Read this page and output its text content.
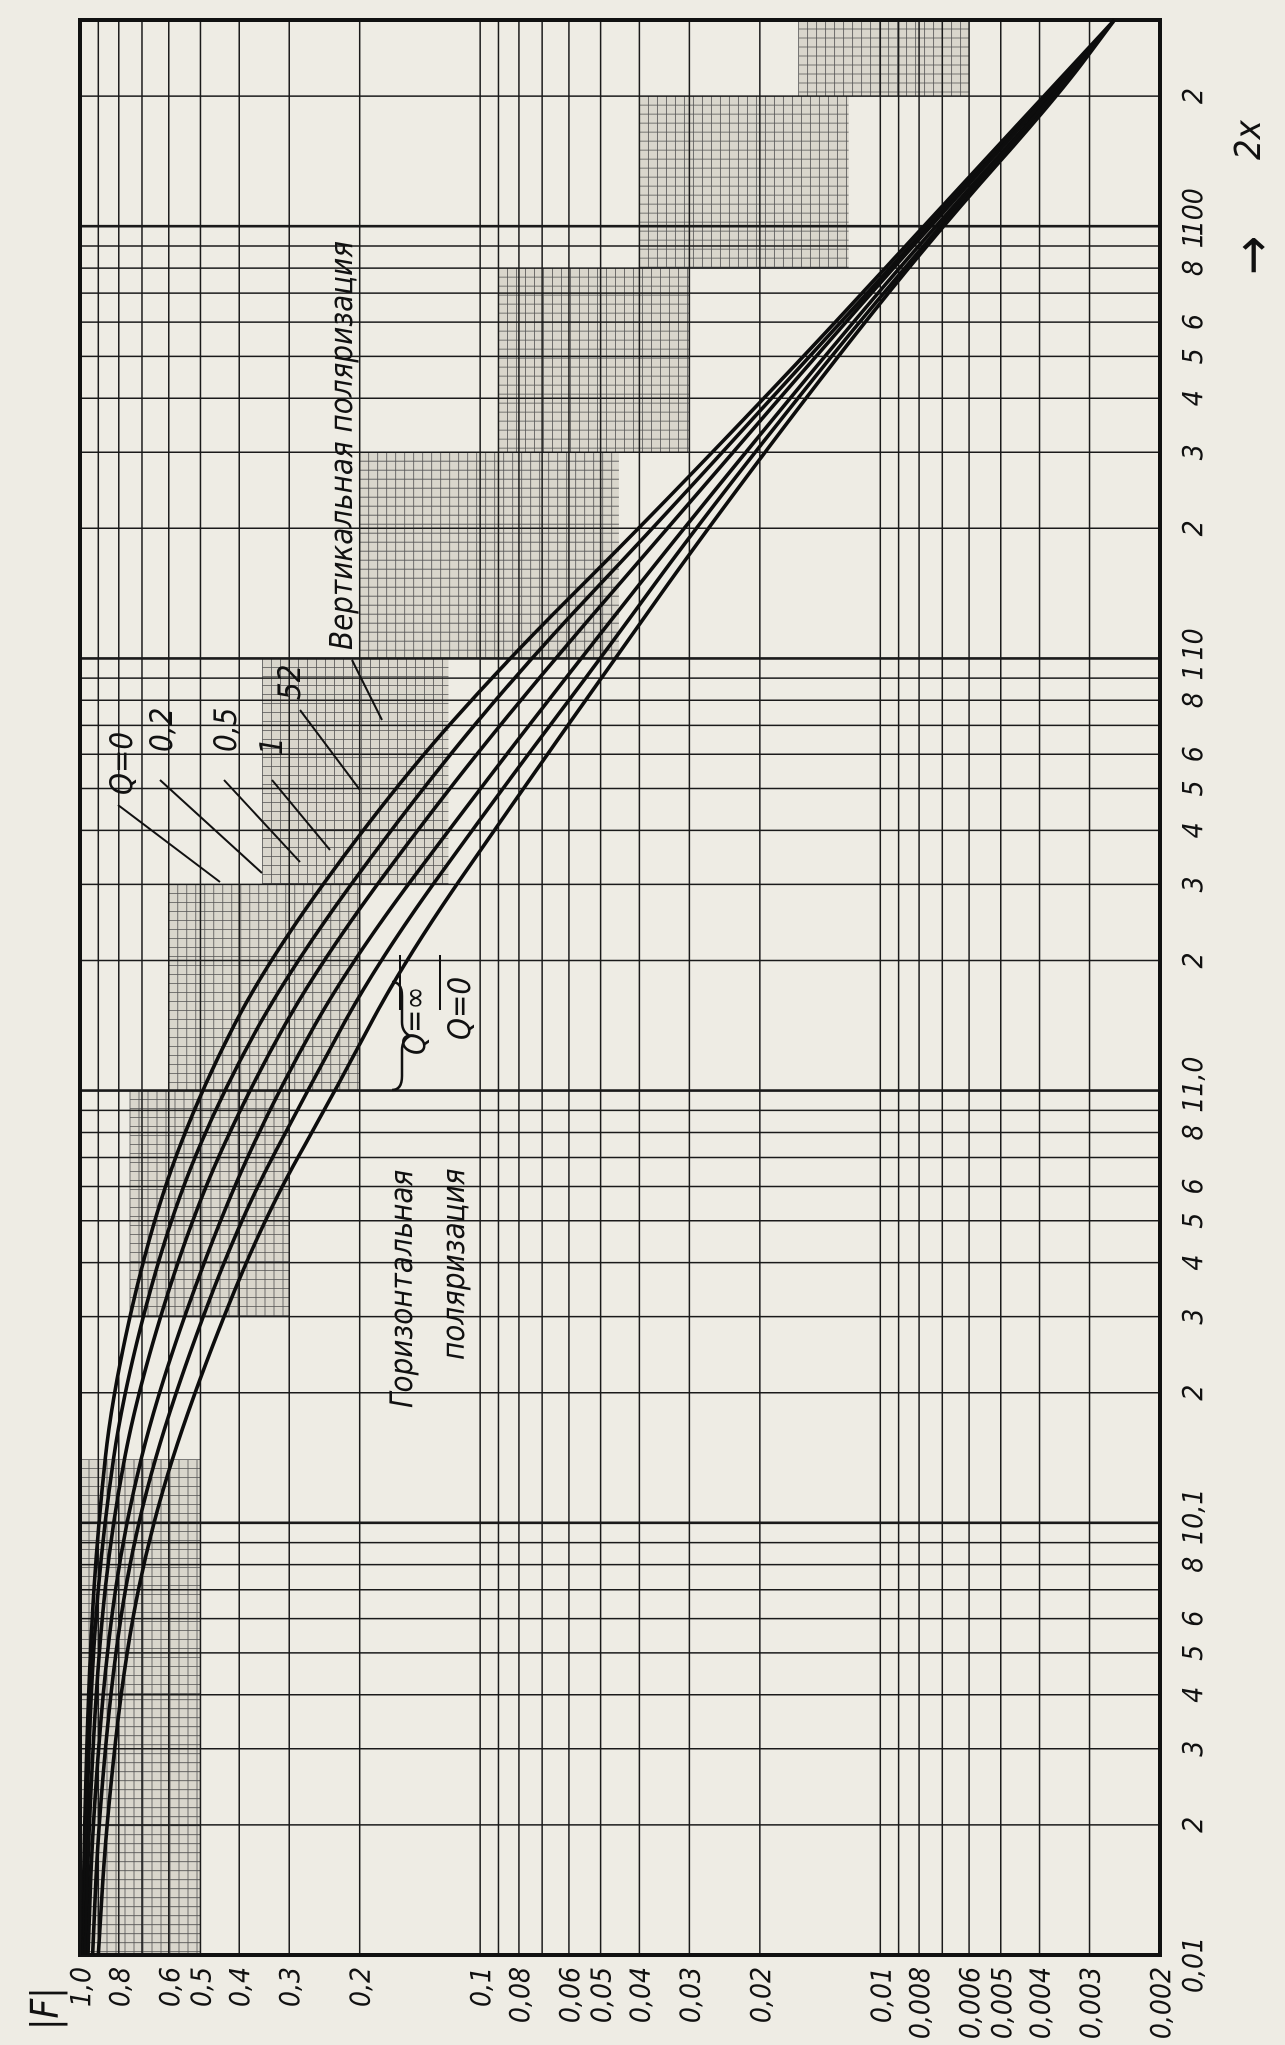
0,01
2
3
4
5
6
8
1
0,1
2
3
4
5
6
8
1
1,0
2
3
4
5
6
8
1
10
2
3
4
5
6
8
1
100
2
1,0 0,8 0,6
0,5 0,4 0,3 0,2	0,1 0,08 0,06
0,05 0,04 0,03 0,02	0,01 0,008 0,006
0,005 0,004 0,003 0,002
Вертикальная поляризация
Горизонтальная поляризация
Q=∞ Q=0
Q=0
0,2 0,5 1
52
|F|
2x
→
